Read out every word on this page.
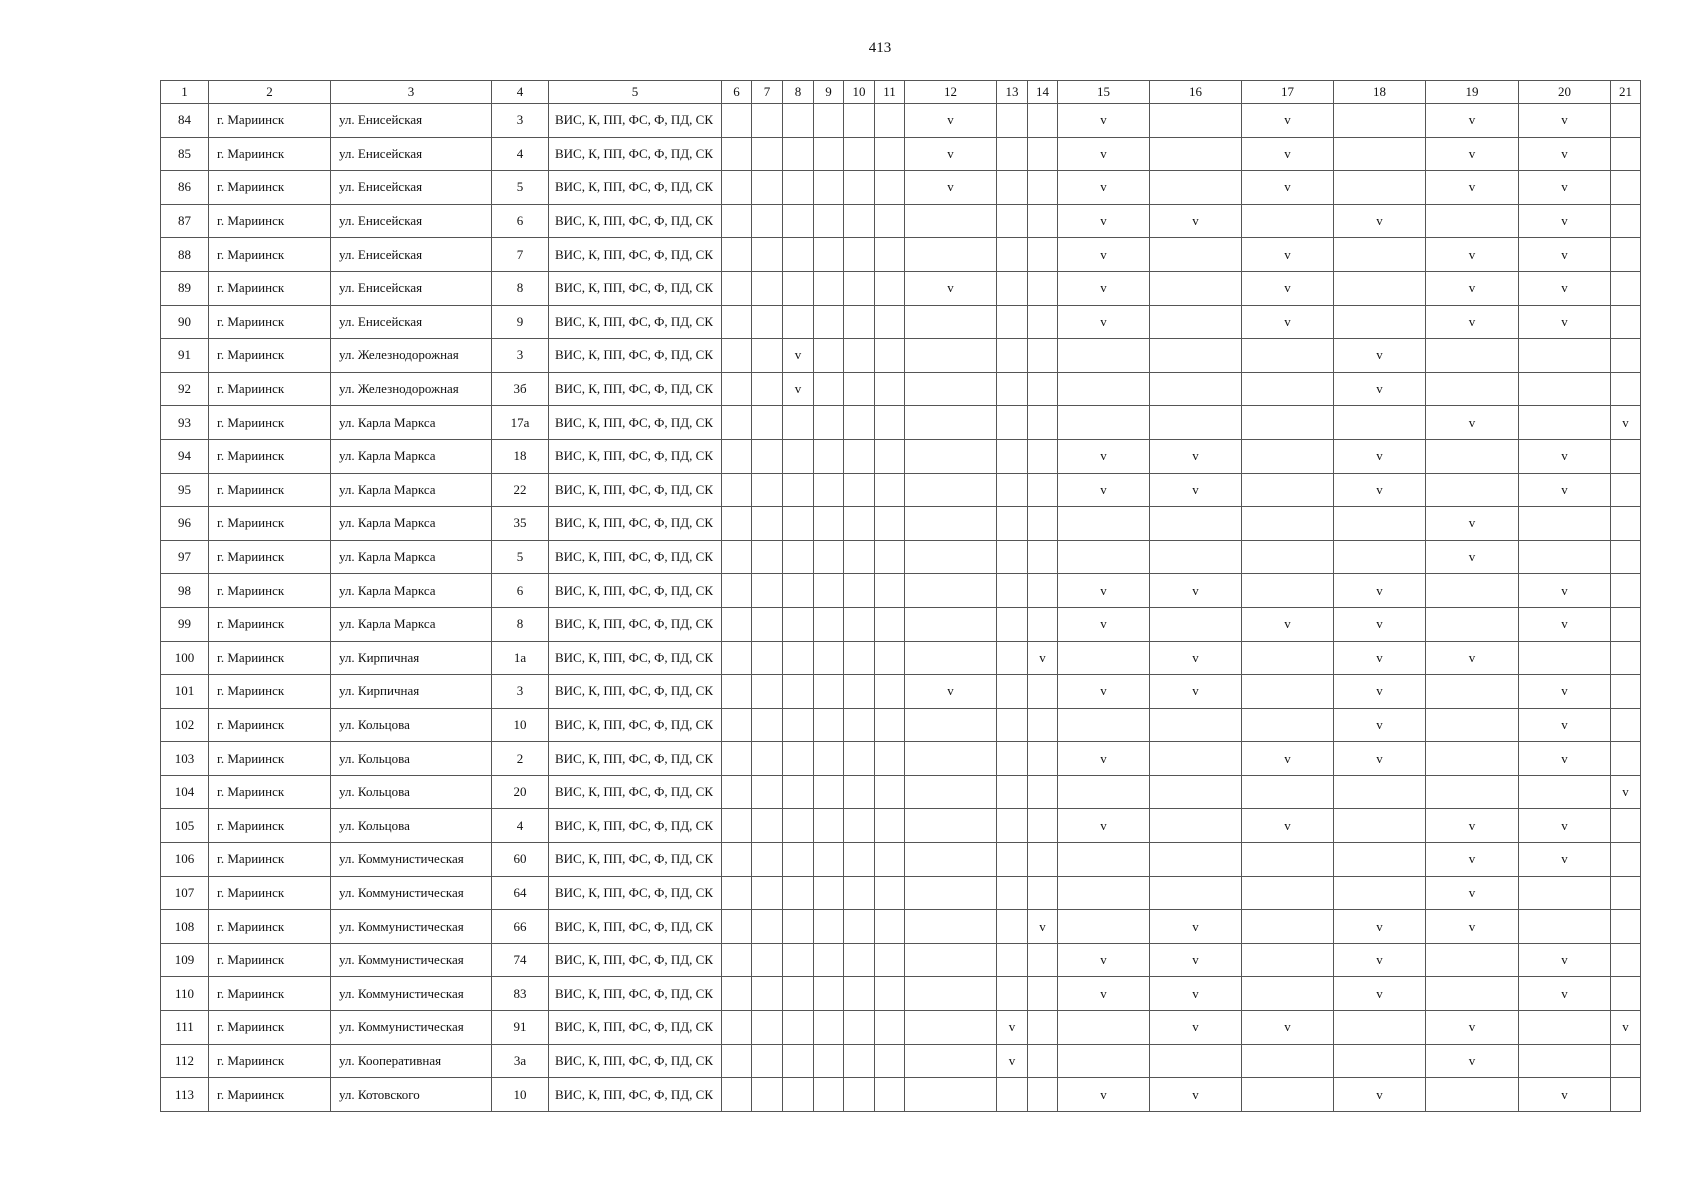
413
1	2	3	4	5	6	7	8	9	10	11	12	13	14	15	16	17	18	19	20	21
84	г. Мариинск	ул. Енисейская	3	ВИС, К, ПП, ФС, Ф, ПД, СК							v			v		v		v	v	
85	г. Мариинск	ул. Енисейская	4	ВИС, К, ПП, ФС, Ф, ПД, СК							v			v		v		v	v	
86	г. Мариинск	ул. Енисейская	5	ВИС, К, ПП, ФС, Ф, ПД, СК							v			v		v		v	v	
87	г. Мариинск	ул. Енисейская	6	ВИС, К, ПП, ФС, Ф, ПД, СК										v	v		v		v	
88	г. Мариинск	ул. Енисейская	7	ВИС, К, ПП, ФС, Ф, ПД, СК										v		v		v	v	
89	г. Мариинск	ул. Енисейская	8	ВИС, К, ПП, ФС, Ф, ПД, СК							v			v		v		v	v	
90	г. Мариинск	ул. Енисейская	9	ВИС, К, ПП, ФС, Ф, ПД, СК										v		v		v	v	
91	г. Мариинск	ул. Железнодорожная	3	ВИС, К, ПП, ФС, Ф, ПД, СК			v										v			
92	г. Мариинск	ул. Железнодорожная	3б	ВИС, К, ПП, ФС, Ф, ПД, СК			v										v			
93	г. Мариинск	ул. Карла Маркса	17а	ВИС, К, ПП, ФС, Ф, ПД, СК														v		v
94	г. Мариинск	ул. Карла Маркса	18	ВИС, К, ПП, ФС, Ф, ПД, СК										v	v		v		v	
95	г. Мариинск	ул. Карла Маркса	22	ВИС, К, ПП, ФС, Ф, ПД, СК										v	v		v		v	
96	г. Мариинск	ул. Карла Маркса	35	ВИС, К, ПП, ФС, Ф, ПД, СК														v		
97	г. Мариинск	ул. Карла Маркса	5	ВИС, К, ПП, ФС, Ф, ПД, СК														v		
98	г. Мариинск	ул. Карла Маркса	6	ВИС, К, ПП, ФС, Ф, ПД, СК										v	v		v		v	
99	г. Мариинск	ул. Карла Маркса	8	ВИС, К, ПП, ФС, Ф, ПД, СК										v		v	v		v	
100	г. Мариинск	ул. Кирпичная	1а	ВИС, К, ПП, ФС, Ф, ПД, СК									v		v		v	v		
101	г. Мариинск	ул. Кирпичная	3	ВИС, К, ПП, ФС, Ф, ПД, СК							v			v	v		v		v	
102	г. Мариинск	ул. Кольцова	10	ВИС, К, ПП, ФС, Ф, ПД, СК													v		v	
103	г. Мариинск	ул. Кольцова	2	ВИС, К, ПП, ФС, Ф, ПД, СК										v		v	v		v	
104	г. Мариинск	ул. Кольцова	20	ВИС, К, ПП, ФС, Ф, ПД, СК																v
105	г. Мариинск	ул. Кольцова	4	ВИС, К, ПП, ФС, Ф, ПД, СК										v		v		v	v	
106	г. Мариинск	ул. Коммунистическая	60	ВИС, К, ПП, ФС, Ф, ПД, СК														v	v	
107	г. Мариинск	ул. Коммунистическая	64	ВИС, К, ПП, ФС, Ф, ПД, СК														v		
108	г. Мариинск	ул. Коммунистическая	66	ВИС, К, ПП, ФС, Ф, ПД, СК									v		v		v	v		
109	г. Мариинск	ул. Коммунистическая	74	ВИС, К, ПП, ФС, Ф, ПД, СК										v	v		v		v	
110	г. Мариинск	ул. Коммунистическая	83	ВИС, К, ПП, ФС, Ф, ПД, СК										v	v		v		v	
111	г. Мариинск	ул. Коммунистическая	91	ВИС, К, ПП, ФС, Ф, ПД, СК								v			v	v		v		v
112	г. Мариинск	ул. Кооперативная	3а	ВИС, К, ПП, ФС, Ф, ПД, СК								v						v		
113	г. Мариинск	ул. Котовского	10	ВИС, К, ПП, ФС, Ф, ПД, СК										v	v		v		v	
